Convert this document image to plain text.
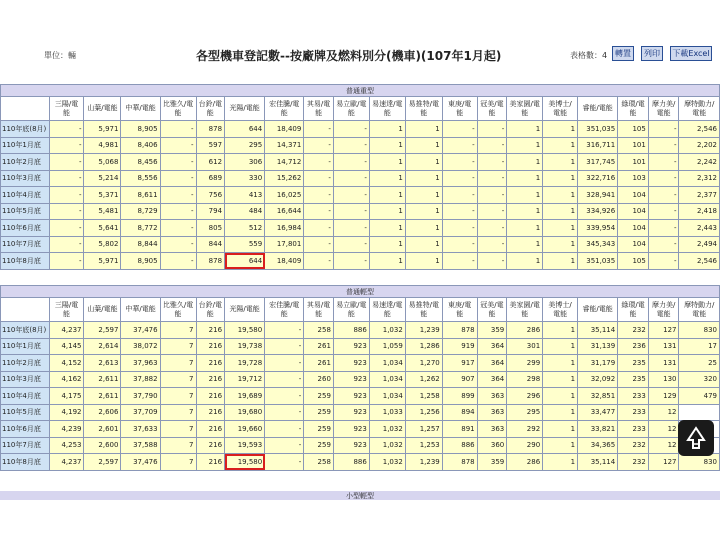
單位：輛	各型機車登記數--按廠牌及燃料別分(機車)(107年1月起)	表格數：4 轉置	列印	下載Excel
普通重型																			
	三陽/電能	山葉/電能	中華/電能	比雅久/電能	台鈴/電能	光陽/電能	宏佳騰/電能	其易/電能	易立歐/電能	易速達/電能	易推特/電能	東庚/電能	冠美/電能	美家園/電能	美博士/電能	睿能/電能	綠環/電能	摩力美/電能	摩特動力/電能
110年底(8月)	-	5,971	8,905	-	878	644	18,409	-	-	1	1	-	-	1	1	351,035	105	-	2,546
110年1月底	-	4,981	8,406	-	597	295	14,371	-	-	1	1	-	-	1	1	316,711	101	-	2,202
110年2月底	-	5,068	8,456	-	612	306	14,712	-	-	1	1	-	-	1	1	317,745	101	-	2,242
110年3月底	-	5,214	8,556	-	689	330	15,262	-	-	1	1	-	-	1	1	322,716	103	-	2,312
110年4月底	-	5,371	8,611	-	756	413	16,025	-	-	1	1	-	-	1	1	328,941	104	-	2,377
110年5月底	-	5,481	8,729	-	794	484	16,644	-	-	1	1	-	-	1	1	334,926	104	-	2,418
110年6月底	-	5,641	8,772	-	805	512	16,984	-	-	1	1	-	-	1	1	339,954	104	-	2,443
110年7月底	-	5,802	8,844	-	844	559	17,801	-	-	1	1	-	-	1	1	345,343	104	-	2,494
110年8月底	-	5,971	8,905	-	878	644	18,409	-	-	1	1	-	-	1	1	351,035	105	-	2,546
普通輕型																			
	三陽/電能	山葉/電能	中華/電能	比雅久/電能	台鈴/電能	光陽/電能	宏佳騰/電能	其易/電能	易立歐/電能	易速達/電能	易推特/電能	東庚/電能	冠美/電能	美家園/電能	美博士/電能	睿能/電能	綠環/電能	摩力美/電能	摩特動力/電能
110年底(8月)	4,237	2,597	37,476	7	216	19,580	-	258	886	1,032	1,239	878	359	286	1	35,114	232	127	830
110年1月底	4,145	2,614	38,072	7	216	19,738	-	261	923	1,059	1,286	919	364	301	1	31,139	236	131	17
110年2月底	4,152	2,613	37,963	7	216	19,728	-	261	923	1,034	1,270	917	364	299	1	31,179	235	131	25
110年3月底	4,162	2,611	37,882	7	216	19,712	-	260	923	1,034	1,262	907	364	298	1	32,092	235	130	320
110年4月底	4,175	2,611	37,790	7	216	19,689	-	259	923	1,034	1,258	899	363	296	1	32,851	233	129	479
110年5月底	4,192	2,606	37,709	7	216	19,680	-	259	923	1,033	1,256	894	363	295	1	33,477	233	12	
110年6月底	4,239	2,601	37,633	7	216	19,660	-	259	923	1,032	1,257	891	363	292	1	33,821	233	12	
110年7月底	4,253	2,600	37,588	7	216	19,593	-	259	923	1,032	1,253	886	360	290	1	34,365	232	12	
110年8月底	4,237	2,597	37,476	7	216	19,580	-	258	886	1,032	1,239	878	359	286	1	35,114	232	127	830
小型輕型
